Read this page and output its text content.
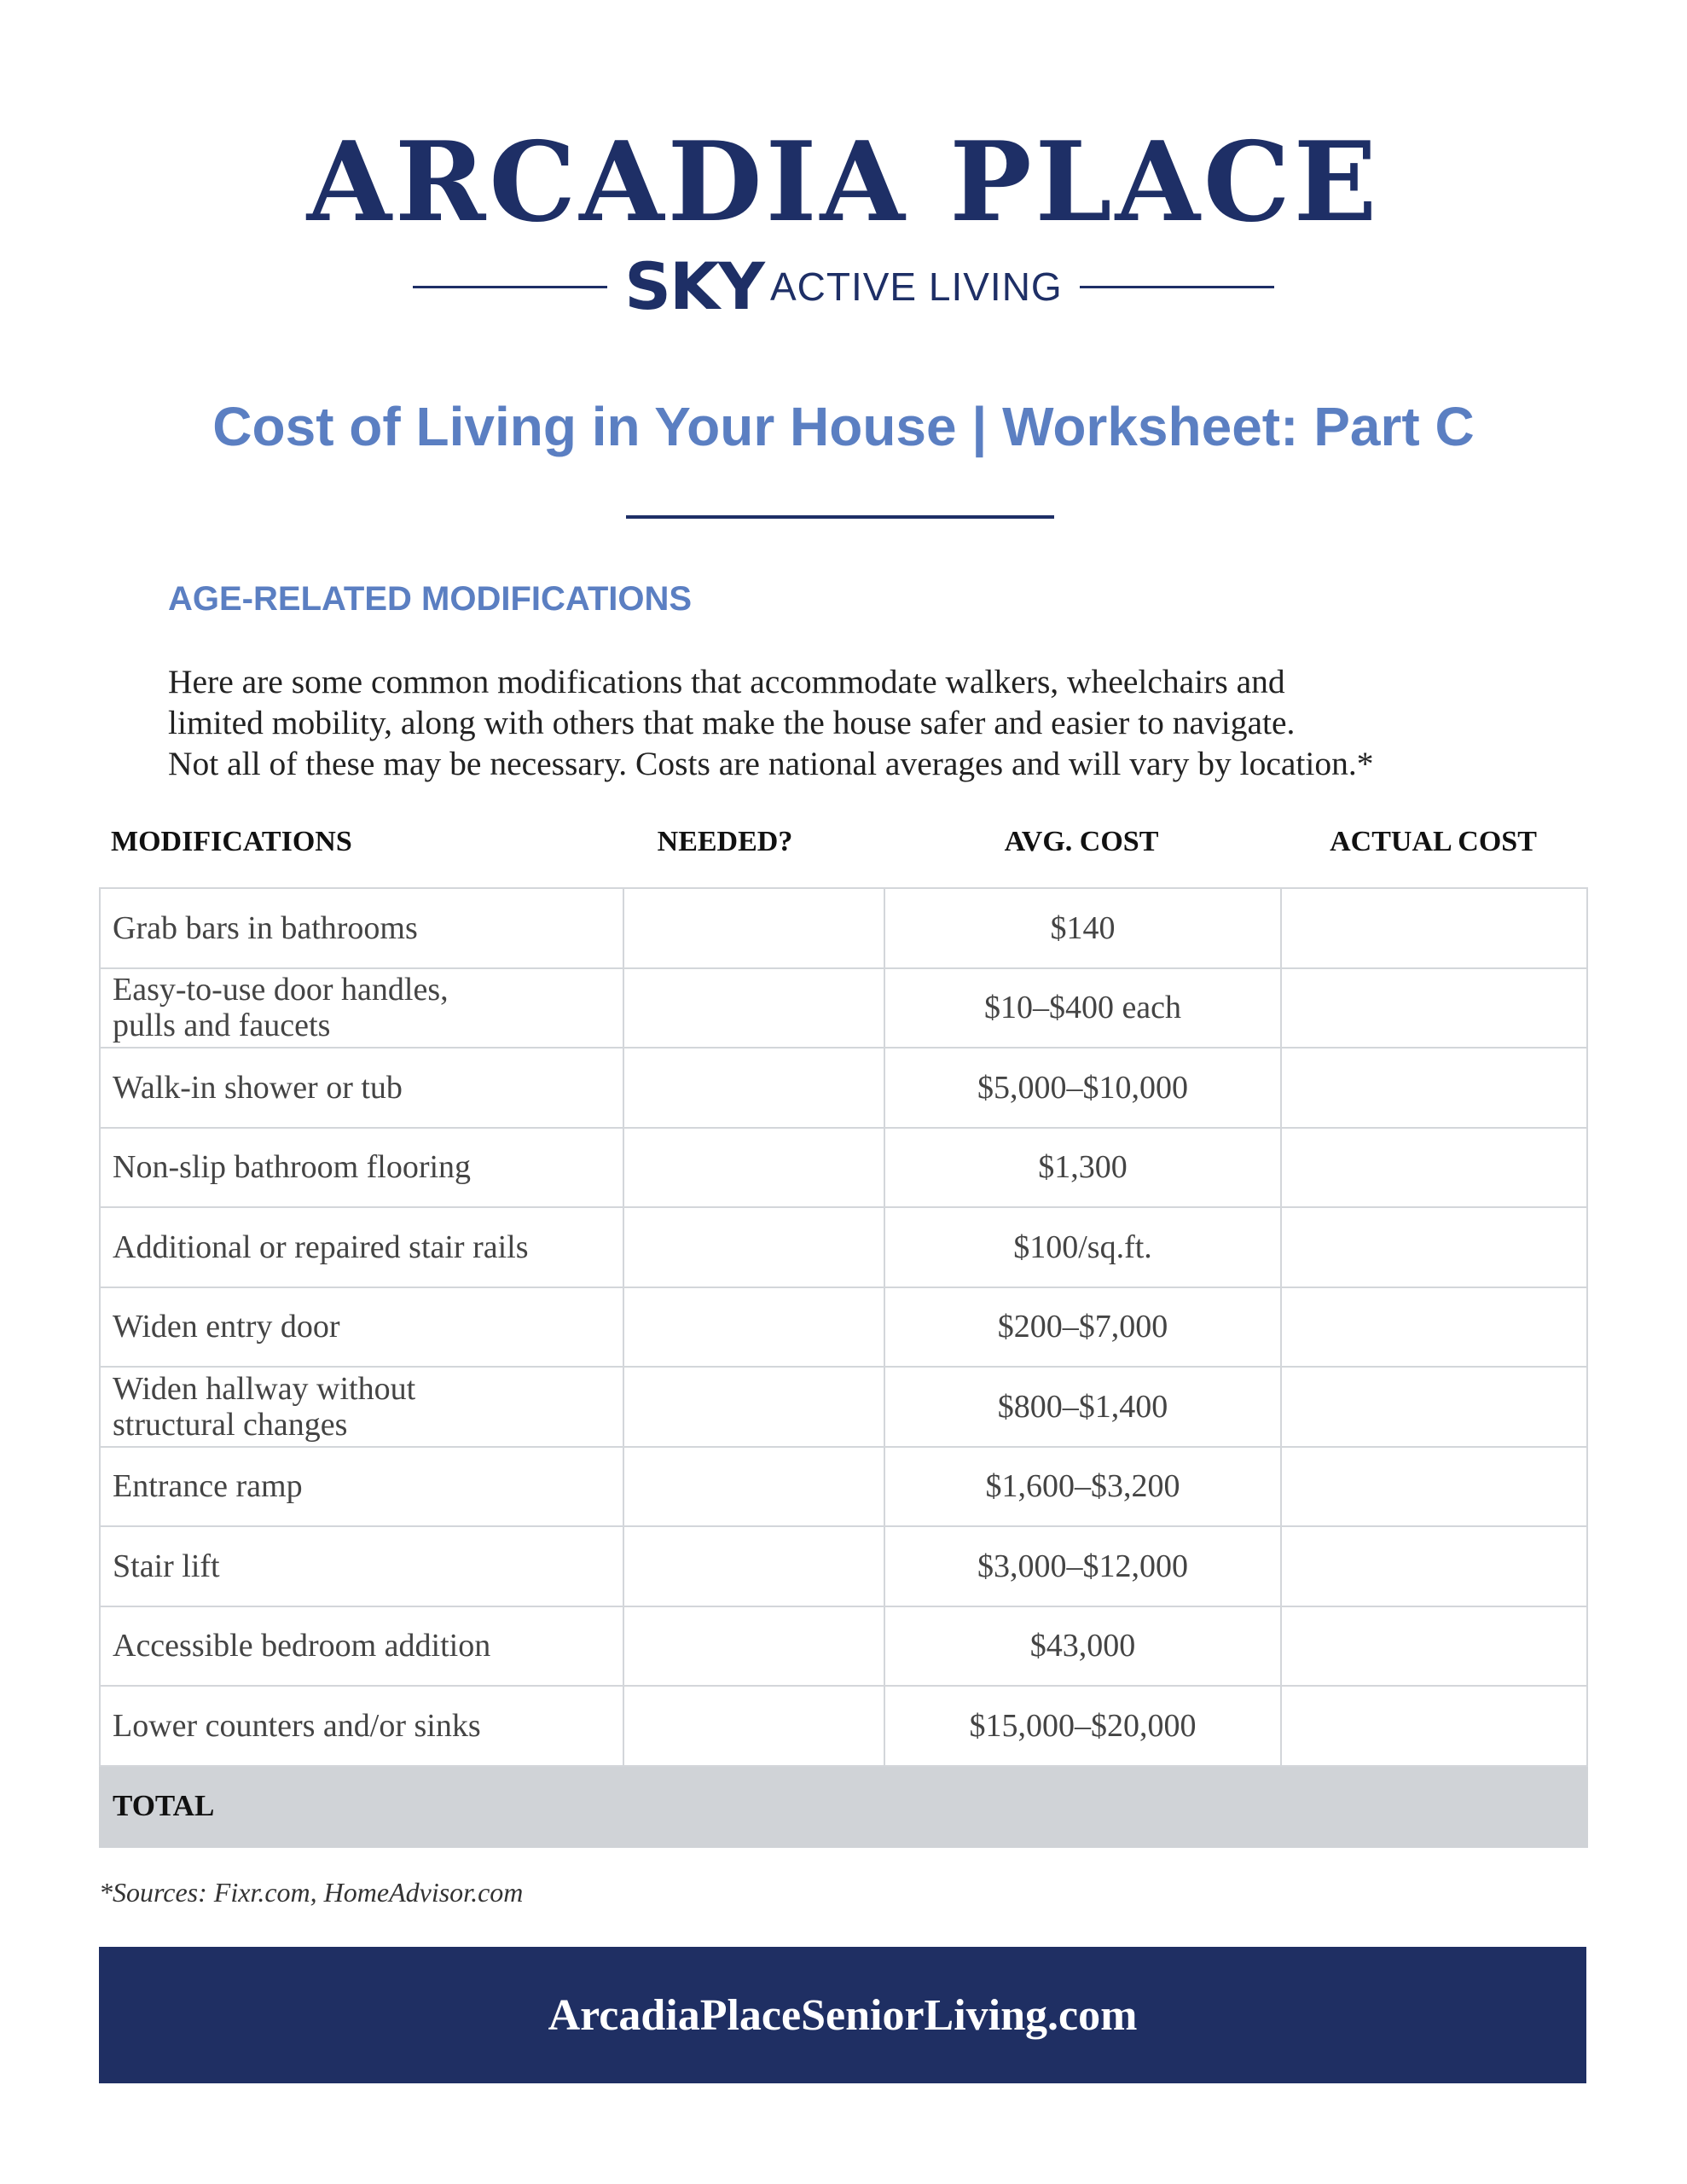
ARCADIA PLACE
SKY ACTIVE LIVING
Cost of Living in Your House | Worksheet: Part C
AGE-RELATED MODIFICATIONS

Here are some common modifications that accommodate walkers, wheelchairs and

limited mobility, along with others that make the house safer and easier to navigate.

Not all of these may be necessary. Costs are national averages and will vary by location.*

MODIFICATIONS	NEEDED?	AVG. COST	ACTUAL COST
Grab bars in bathrooms		$140	

Easy-to-use door handles,
pulls and faucets		$10–$400 each	

Walk-in shower or tub		$5,000–$10,000	

Non-slip bathroom flooring		$1,300	

Additional or repaired stair rails		$100/sq.ft.	

Widen entry door		$200–$7,000	

Widen hallway without
structural changes		$800–$1,400	

Entrance ramp		$1,600–$3,200	

Stair lift		$3,000–$12,000	

Accessible bedroom addition		$43,000	

Lower counters and/or sinks		$15,000–$20,000	
TOTAL			
*Sources: Fixr.com, HomeAdvisor.com
ArcadiaPlaceSeniorLiving.com
